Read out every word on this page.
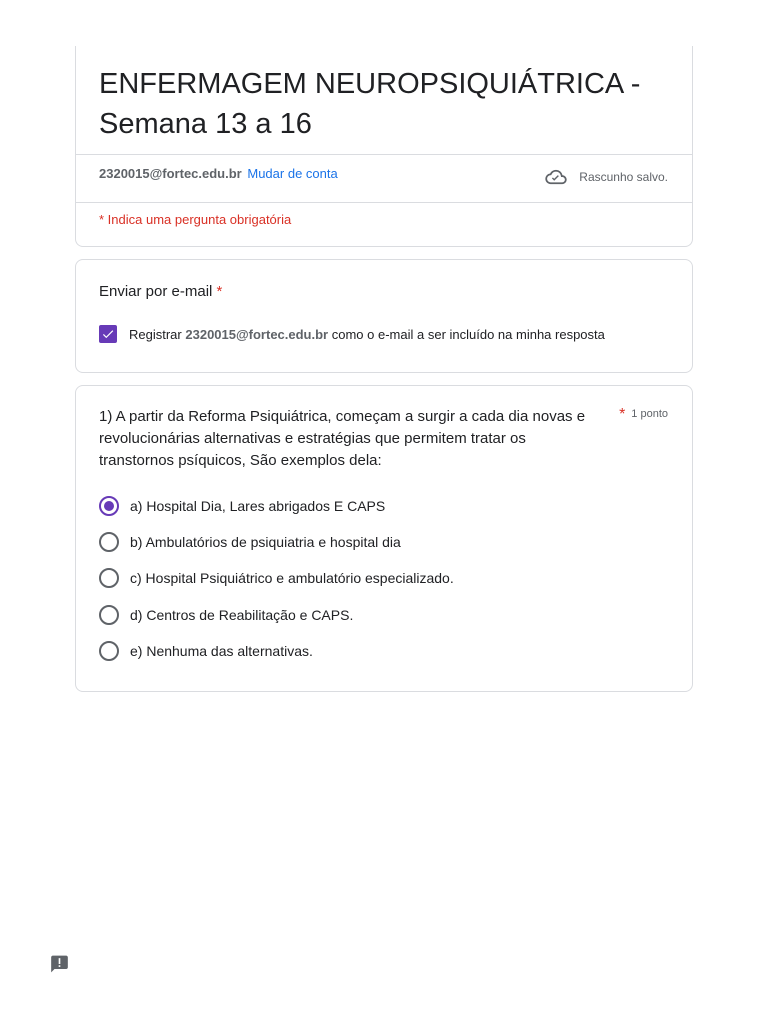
ENFERMAGEM NEUROPSIQUIÁTRICA - Semana 13 a 16
2320015@fortec.edu.br Mudar de conta	Rascunho salvo.
* Indica uma pergunta obrigatória
Enviar por e-mail *
Registrar 2320015@fortec.edu.br como o e-mail a ser incluído na minha resposta
1) A partir da Reforma Psiquiátrica, começam a surgir a cada dia novas e revolucionárias alternativas e estratégias que permitem tratar os transtornos psíquicos, São exemplos dela:
* 1 ponto
a) Hospital Dia, Lares abrigados E CAPS
b) Ambulatórios de psiquiatria e hospital dia
c) Hospital Psiquiátrico e ambulatório especializado.
d) Centros de Reabilitação e CAPS.
e) Nenhuma das alternativas.
